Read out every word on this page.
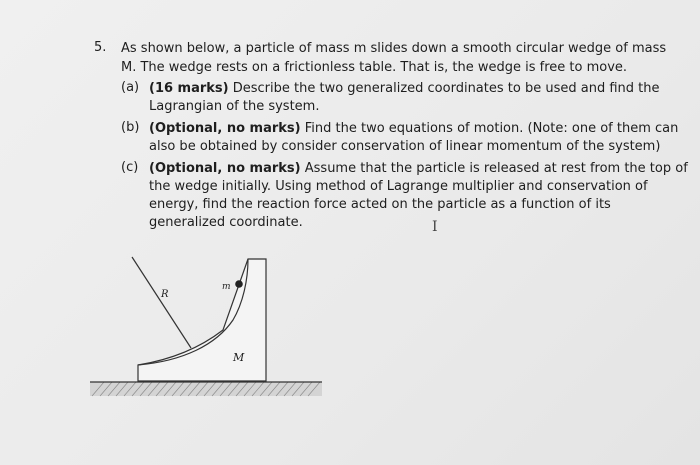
5. As shown below, a particle of mass m slides down a smooth circular wedge of mass
M. The wedge rests on a frictionless table. That is, the wedge is free to move.
(a) (16 marks) Describe the two generalized coordinates to be used and find the
Lagrangian of the system.
(b) (Optional, no marks) Find the two equations of motion. (Note: one of them can
also be obtained by consider conservation of linear momentum of the system)
(c) (Optional, no marks) Assume that the particle is released at rest from the top of
the wedge initially. Using method of Lagrange multiplier and conservation of
energy, find the reaction force acted on the particle as a function of its
generalized coordinate.	I
R
m
M
